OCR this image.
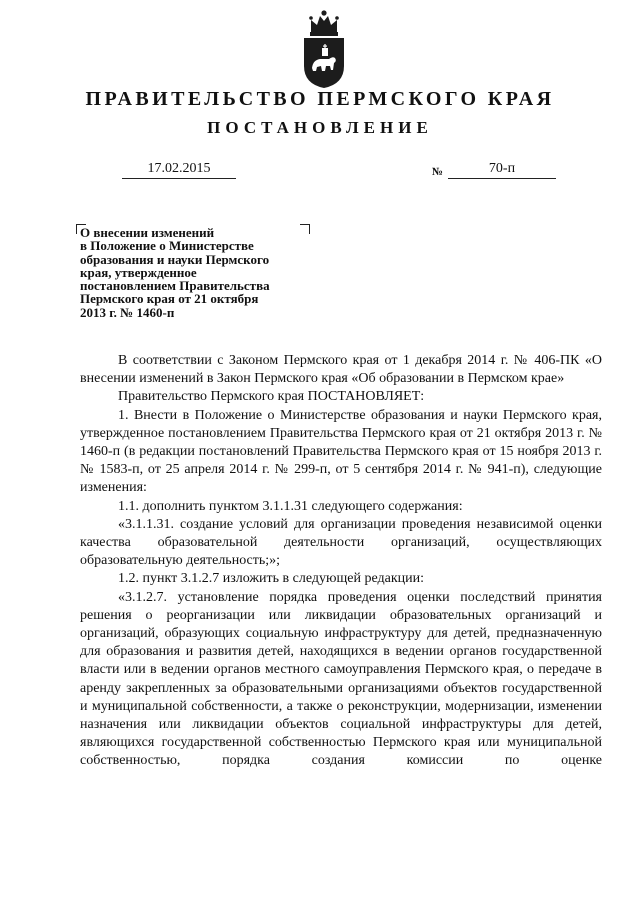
ПРАВИТЕЛЬСТВО ПЕРМСКОГО КРАЯ
ПОСТАНОВЛЕНИЕ
17.02.2015	№	70-п
О внесении изменений
в Положение о Министерстве
образования и науки Пермского
края, утвержденное
постановлением Правительства
Пермского края от 21 октября
2013 г. № 1460-п

В соответствии с Законом Пермского края от 1 декабря 2014 г. № 406-ПК «О внесении изменений в Закон Пермского края «Об образовании в Пермском крае»

Правительство Пермского края ПОСТАНОВЛЯЕТ:

1. Внести в Положение о Министерстве образования и науки Пермского края, утвержденное постановлением Правительства Пермского края от 21 октября 2013 г. № 1460-п (в редакции постановлений Правительства Пермского края от 15 ноября 2013 г. № 1583-п, от 25 апреля 2014 г. № 299-п, от 5 сентября 2014 г. № 941-п), следующие изменения:

1.1. дополнить пунктом 3.1.1.31 следующего содержания:

«3.1.1.31. создание условий для организации проведения независимой оценки качества образовательной деятельности организаций, осуществляющих образовательную деятельность;»;

1.2. пункт 3.1.2.7 изложить в следующей редакции:

«3.1.2.7. установление порядка проведения оценки последствий принятия решения о реорганизации или ликвидации образовательных организаций и организаций, образующих социальную инфраструктуру для детей, предназначенную для образования и развития детей, находящихся в ведении органов государственной власти или в ведении органов местного самоуправления Пермского края, о передаче в аренду закрепленных за образовательными организациями объектов государственной и муниципальной собственности, а также о реконструкции, модернизации, изменении назначения или ликвидации объектов социальной инфраструктуры для детей, являющихся государственной собственностью Пермского края или муниципальной собственностью, порядка создания комиссии по оценке
